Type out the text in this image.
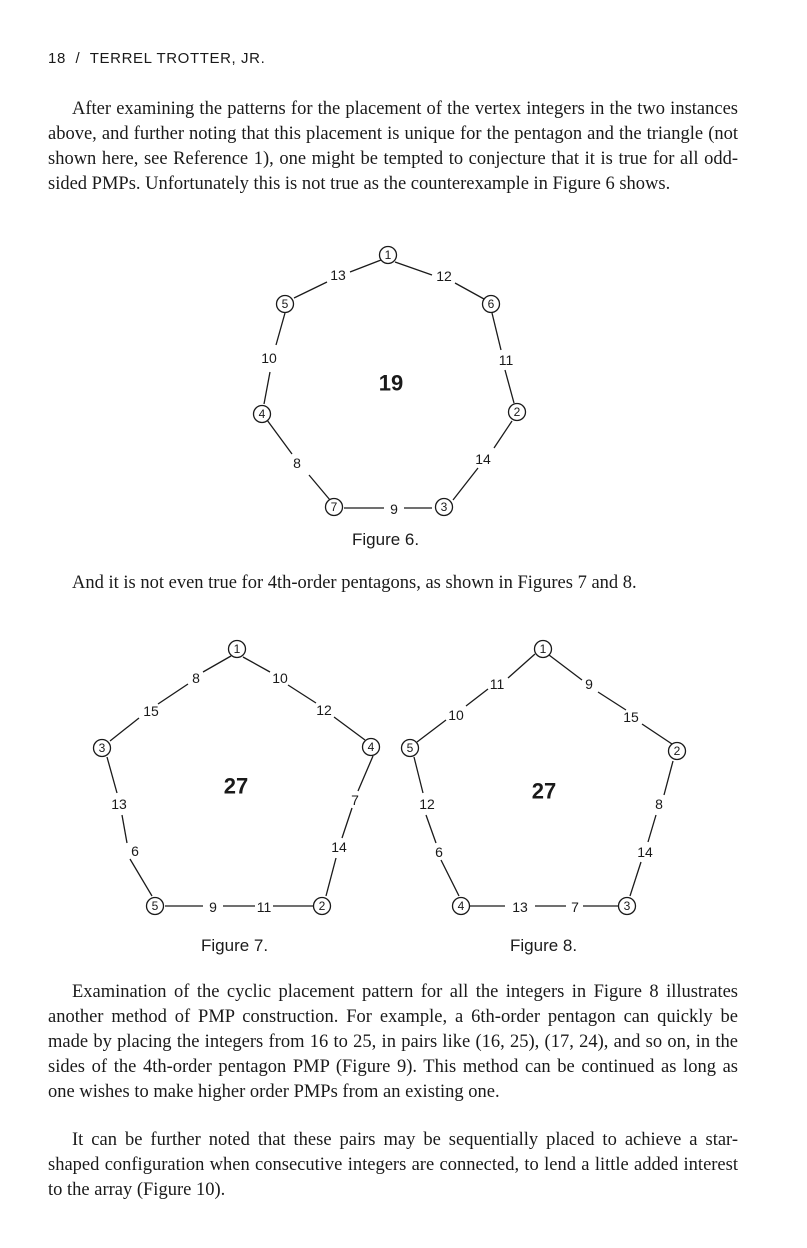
18 / TERREL TROTTER, JR.

After examining the patterns for the placement of the vertex integers in the two instances above, and further noting that this placement is unique for the pentagon and the triangle (not shown here, see Reference 1), one might be tempted to conjecture that it is true for all odd-sided PMPs. Unfortunately this is not true as the counterexample in Figure 6 shows.

1
6
2
3
7
4
5
12
11
14
9
8
10
13
19
Figure 6.

And it is not even true for 4th-order pentagons, as shown in Figures 7 and 8.

1
4
2
5
3
1
2
3
4
5
10
12
7
14
11
9
6
13
15
8	9
15
8
14
7
13
6
12
10
11
27	27
Figure 7.	Figure 8.

Examination of the cyclic placement pattern for all the integers in Figure 8 illustrates another method of PMP construction. For example, a 6th-order pentagon can quickly be made by placing the integers from 16 to 25, in pairs like (16, 25), (17, 24), and so on, in the sides of the 4th-order pentagon PMP (Figure 9). This method can be continued as long as one wishes to make higher order PMPs from an existing one.

It can be further noted that these pairs may be sequentially placed to achieve a star-shaped configuration when consecutive integers are connected, to lend a little added interest to the array (Figure 10).
